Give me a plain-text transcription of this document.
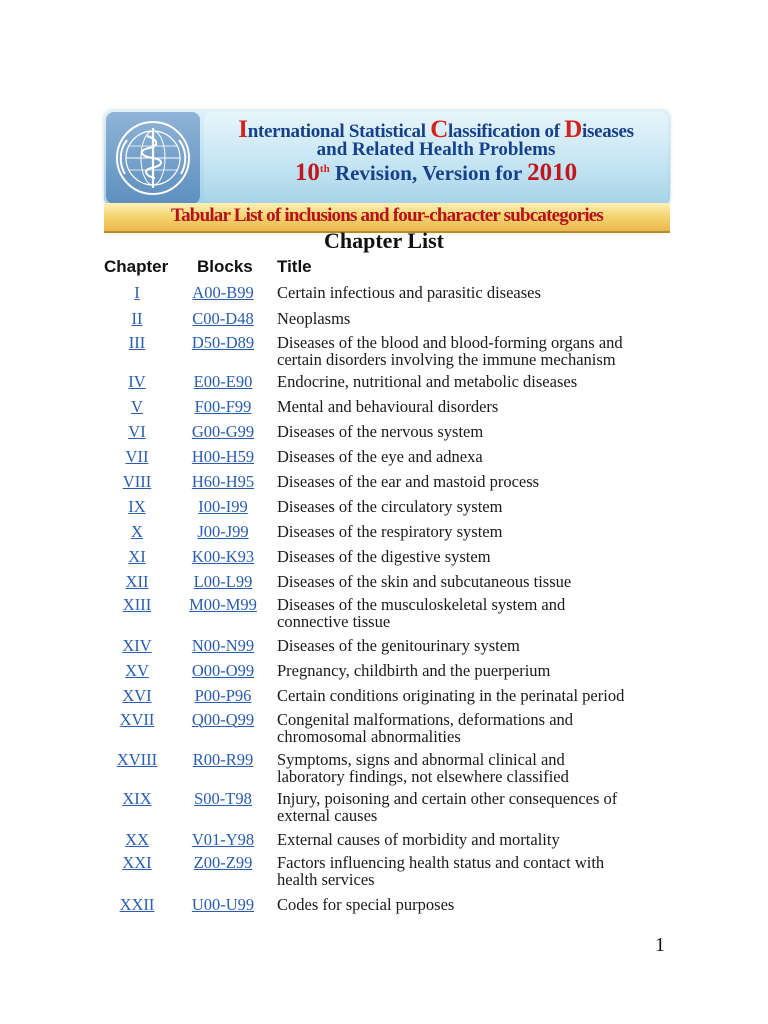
International Statistical Classification of Diseases
and Related Health Problems
10th Revision, Version for 2010
Tabular List of inclusions and four-character subcategories
Chapter List
Chapter Blocks Title
I	A00-B99	Certain infectious and parasitic diseases
II	C00-D48	Neoplasms
III	D50-D89	Diseases of the blood and blood-forming organs and
certain disorders involving the immune mechanism
IV	E00-E90	Endocrine, nutritional and metabolic diseases
V	F00-F99	Mental and behavioural disorders
VI	G00-G99	Diseases of the nervous system
VII	H00-H59	Diseases of the eye and adnexa
VIII	H60-H95	Diseases of the ear and mastoid process
IX	I00-I99	Diseases of the circulatory system
X	J00-J99	Diseases of the respiratory system
XI	K00-K93	Diseases of the digestive system
XII	L00-L99	Diseases of the skin and subcutaneous tissue
XIII	M00-M99	Diseases of the musculoskeletal system and
connective tissue
XIV	N00-N99	Diseases of the genitourinary system
XV	O00-O99	Pregnancy, childbirth and the puerperium
XVI	P00-P96	Certain conditions originating in the perinatal period
XVII	Q00-Q99	Congenital malformations, deformations and
chromosomal abnormalities
XVIII	R00-R99	Symptoms, signs and abnormal clinical and
laboratory findings, not elsewhere classified
XIX	S00-T98	Injury, poisoning and certain other consequences of
external causes
XX	V01-Y98	External causes of morbidity and mortality
XXI	Z00-Z99	Factors influencing health status and contact with
health services
XXII	U00-U99	Codes for special purposes
1
